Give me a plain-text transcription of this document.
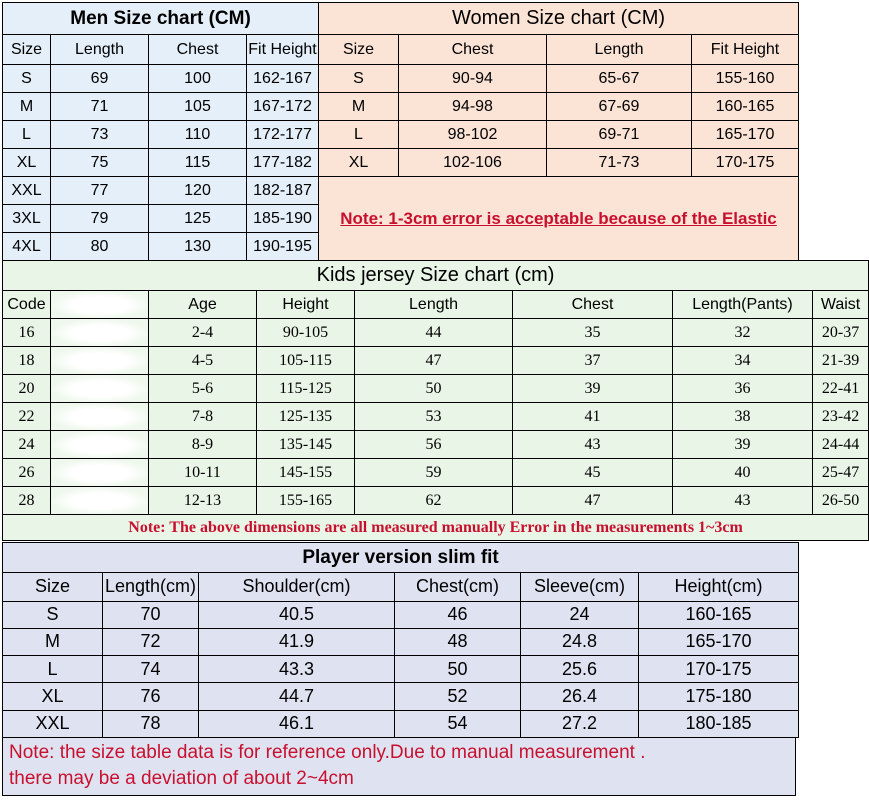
Men Size chart (CM)			
Size	Length	Chest	Fit Height
S	69	100	162-167
M	71	105	167-172
L	73	110	172-177
XL	75	115	177-182
XXL	77	120	182-187
3XL	79	125	185-190
4XL	80	130	190-195
Women Size chart (CM)			
Size	Chest	Length	Fit Height
S	90-94	65-67	155-160
M	94-98	67-69	160-165
L	98-102	69-71	165-170
XL	102-106	71-73	170-175
Note: 1-3cm error is acceptable because of the Elastic			
Kids jersey Size chart (cm)							
Code		Age	Height	Length	Chest	Length(Pants)	Waist
16		2-4	90-105	44	35	32	20-37
18		4-5	105-115	47	37	34	21-39
20		5-6	115-125	50	39	36	22-41
22		7-8	125-135	53	41	38	23-42
24		8-9	135-145	56	43	39	24-44
26		10-11	145-155	59	45	40	25-47
28		12-13	155-165	62	47	43	26-50
Note: The above dimensions are all measured manually Error in the measurements 1~3cm							
Player version slim fit					
Size	Length(cm)	Shoulder(cm)	Chest(cm)	Sleeve(cm)	Height(cm)
S	70	40.5	46	24	160-165
M	72	41.9	48	24.8	165-170
L	74	43.3	50	25.6	170-175
XL	76	44.7	52	26.4	175-180
XXL	78	46.1	54	27.2	180-185
Note: the size table data is for reference only.Due to manual measurement .
there may be a deviation of about 2~4cm
